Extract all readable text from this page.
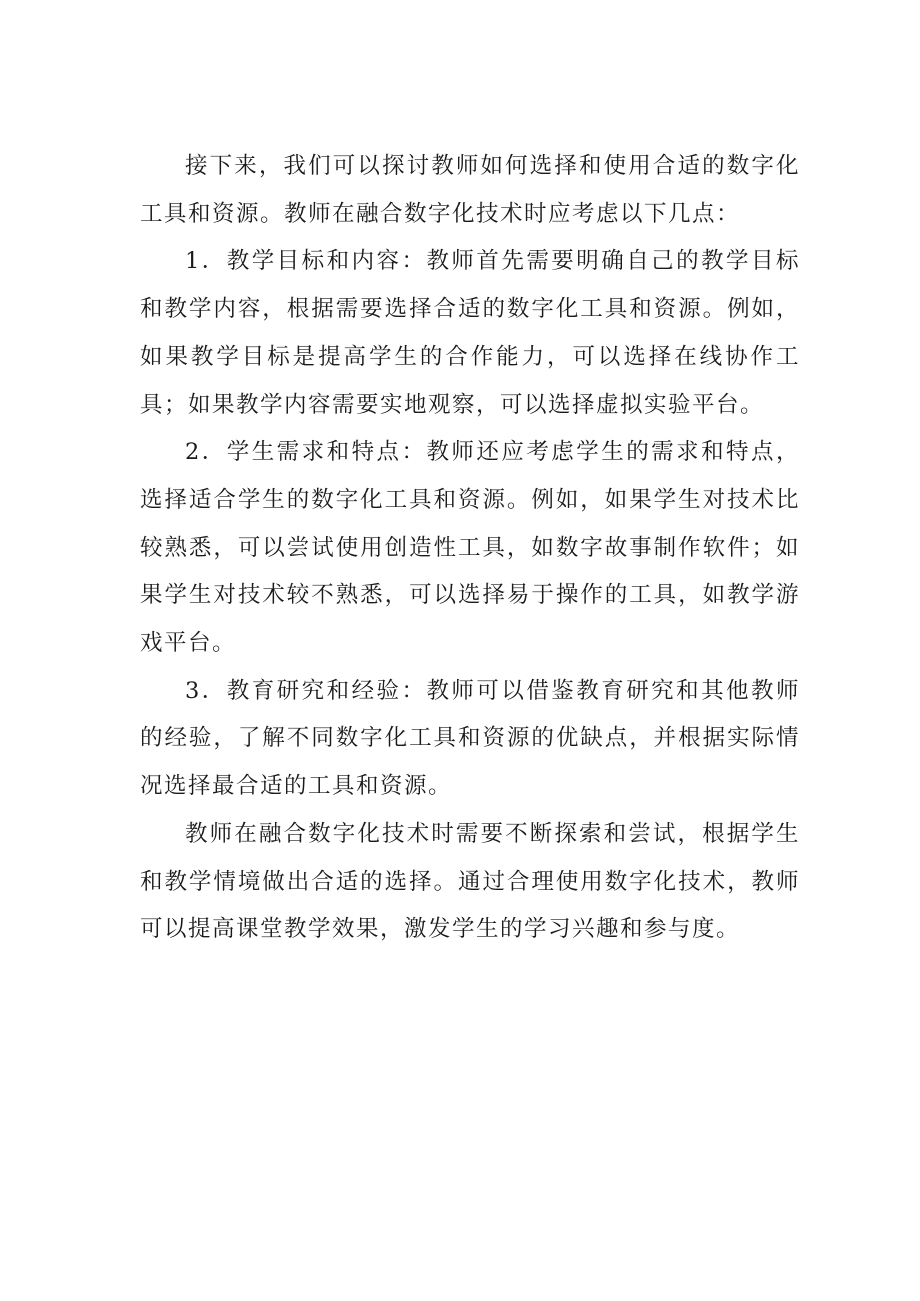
接下来，我们可以探讨教师如何选择和使用合适的数字化工具和资源。教师在融合数字化技术时应考虑以下几点：

1．教学目标和内容：教师首先需要明确自己的教学目标和教学内容，根据需要选择合适的数字化工具和资源。例如，如果教学目标是提高学生的合作能力，可以选择在线协作工具；如果教学内容需要实地观察，可以选择虚拟实验平台。

2．学生需求和特点：教师还应考虑学生的需求和特点，选择适合学生的数字化工具和资源。例如，如果学生对技术比较熟悉，可以尝试使用创造性工具，如数字故事制作软件；如果学生对技术较不熟悉，可以选择易于操作的工具，如教学游戏平台。

3．教育研究和经验：教师可以借鉴教育研究和其他教师的经验，了解不同数字化工具和资源的优缺点，并根据实际情况选择最合适的工具和资源。

教师在融合数字化技术时需要不断探索和尝试，根据学生和教学情境做出合适的选择。通过合理使用数字化技术，教师可以提高课堂教学效果，激发学生的学习兴趣和参与度。
